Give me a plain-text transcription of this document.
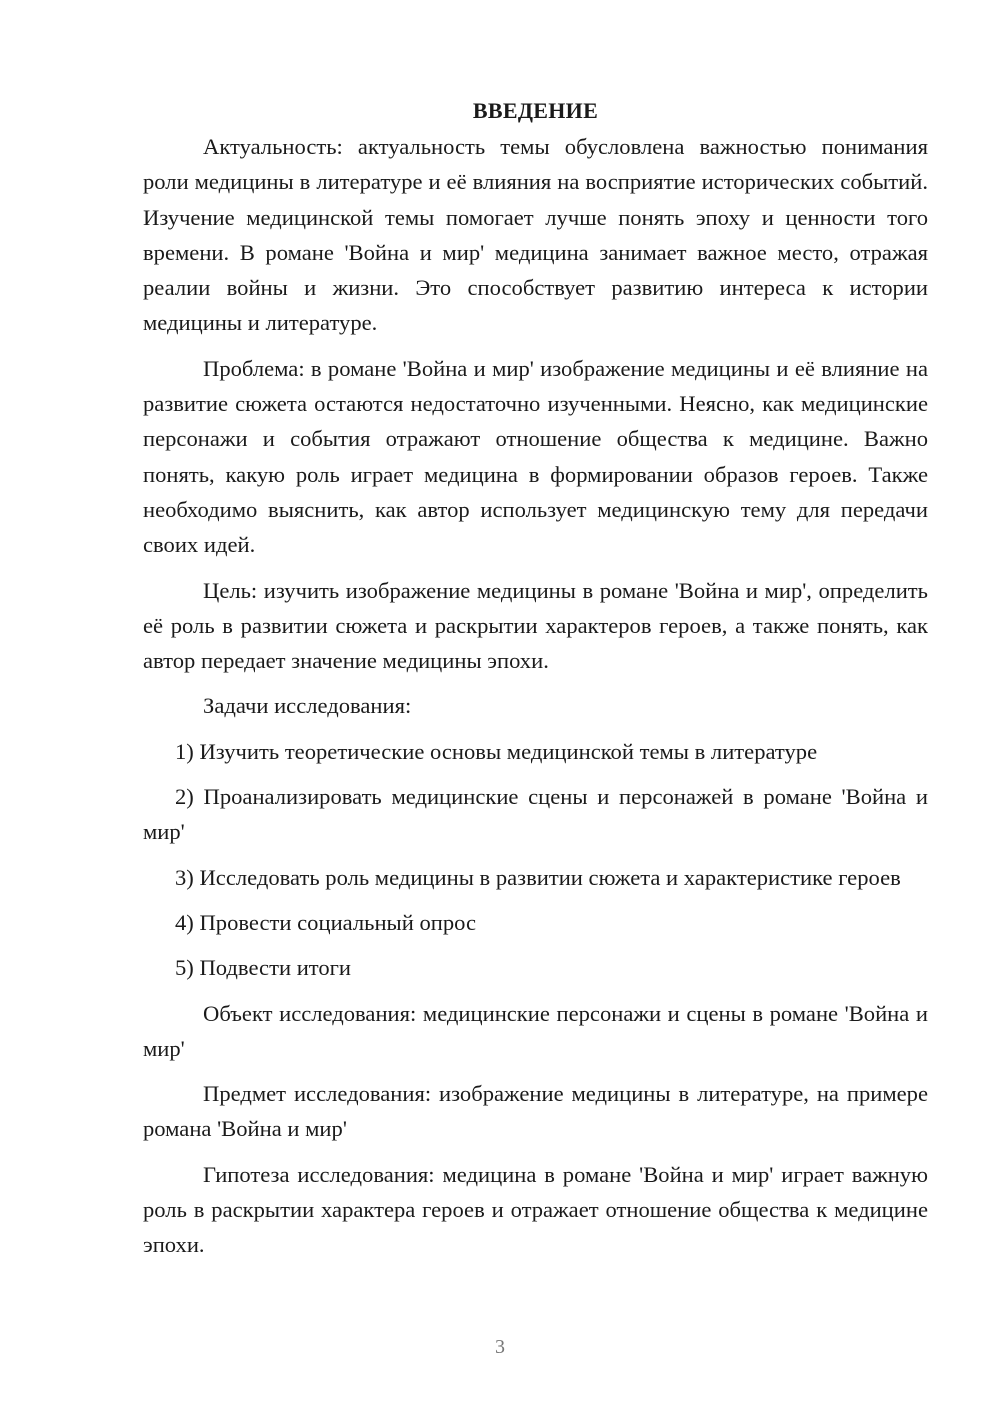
ВВЕДЕНИЕ

Актуальность: актуальность темы обусловлена важностью понимания роли медицины в литературе и её влияния на восприятие исторических событий. Изучение медицинской темы помогает лучше понять эпоху и ценности того времени. В романе 'Война и мир' медицина занимает важное место, отражая реалии войны и жизни. Это способствует развитию интереса к истории медицины и литературе.

Проблема: в романе 'Война и мир' изображение медицины и её влияние на развитие сюжета остаются недостаточно изученными. Неясно, как медицинские персонажи и события отражают отношение общества к медицине. Важно понять, какую роль играет медицина в формировании образов героев. Также необходимо выяснить, как автор использует медицинскую тему для передачи своих идей.

Цель: изучить изображение медицины в романе 'Война и мир', определить её роль в развитии сюжета и раскрытии характеров героев, а также понять, как автор передает значение медицины эпохи.

Задачи исследования:

1) Изучить теоретические основы медицинской темы в литературе

2) Проанализировать медицинские сцены и персонажей в романе 'Война и мир'

3) Исследовать роль медицины в развитии сюжета и характеристике героев

4) Провести социальный опрос

5) Подвести итоги

Объект исследования: медицинские персонажи и сцены в романе 'Война и мир'

Предмет исследования: изображение медицины в литературе, на примере романа 'Война и мир'

Гипотеза исследования: медицина в романе 'Война и мир' играет важную роль в раскрытии характера героев и отражает отношение общества к медицине эпохи.

3
